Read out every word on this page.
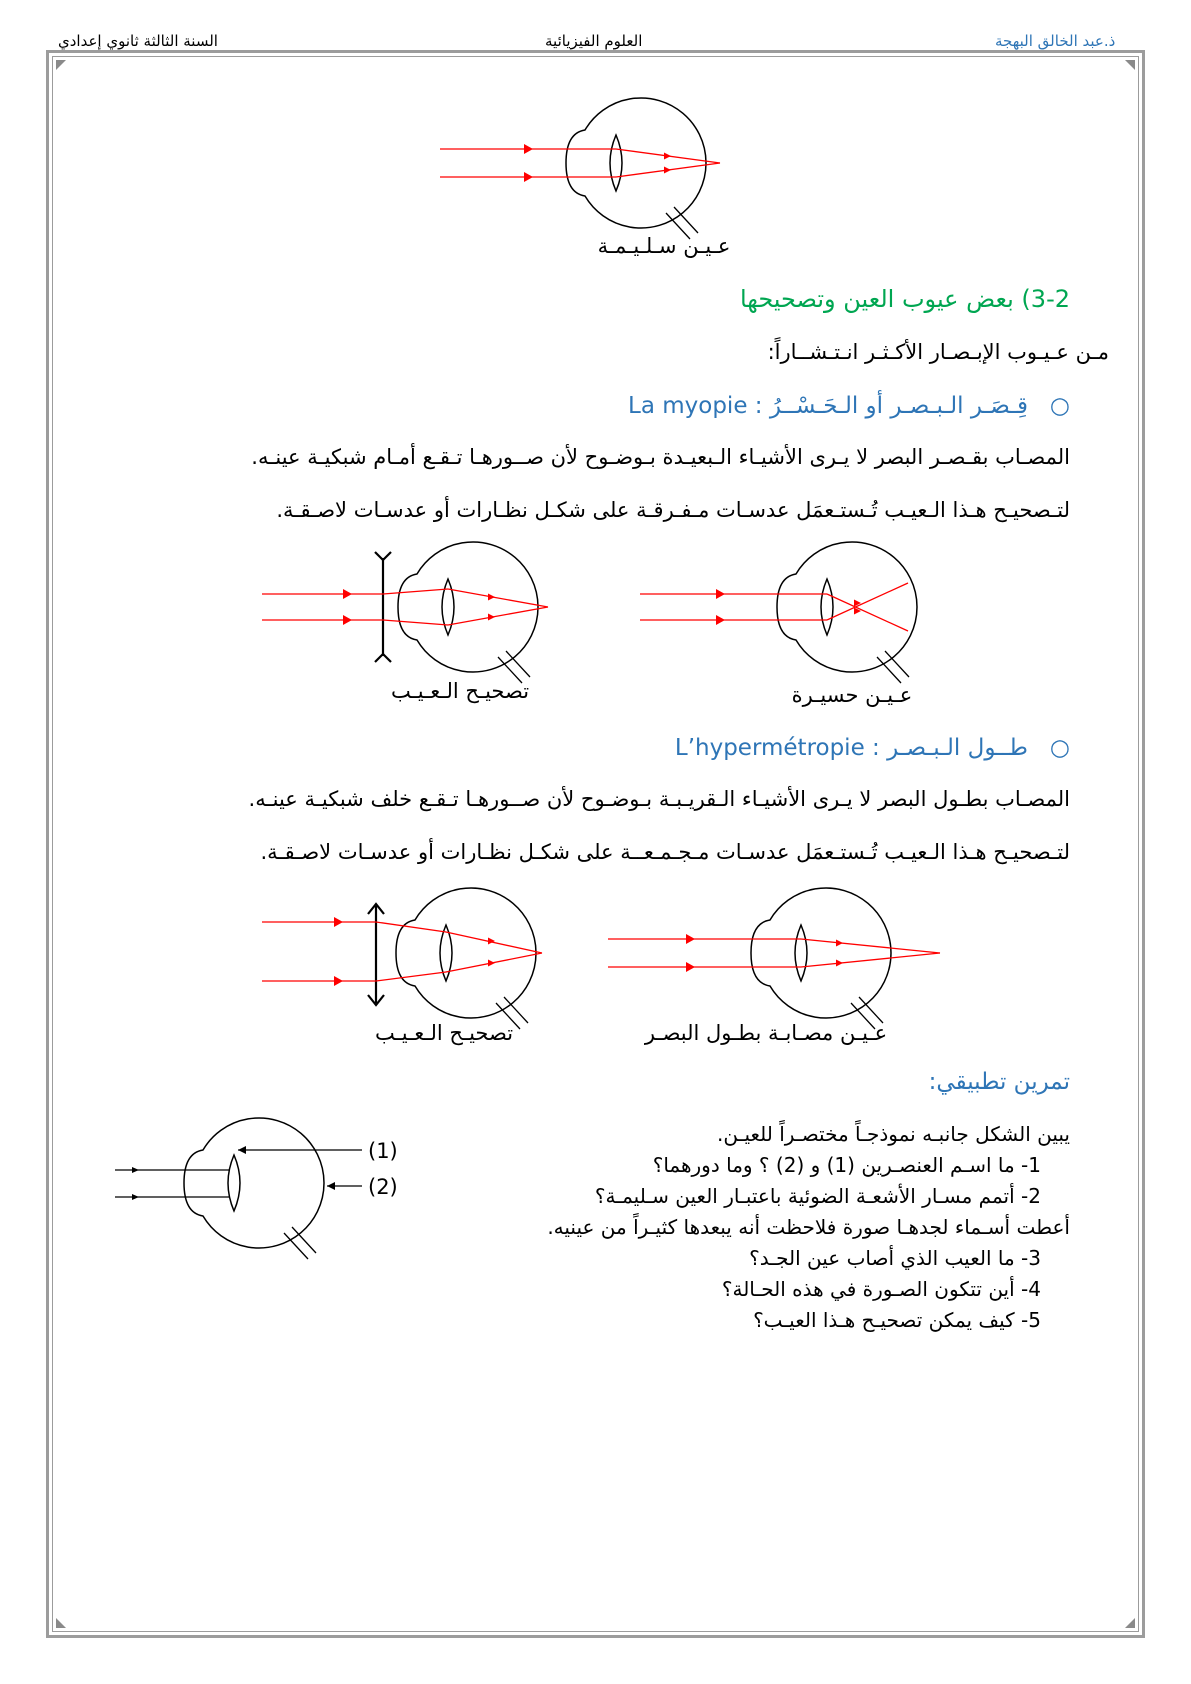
ذ.عبد الخالق البهجة
العلوم الفيزيائية
السنة الثالثة ثانوي إعدادي
عـيـن سـلـيـمـة
تصحيـح الـعـيـب	عـيـن حسيـرة
تصحيـح الـعـيـب	عـيـن مصـابـة بطـول البصـر
(1)
(2)
3-2) بعض عيوب العين وتصحيحها
مـن عـيـوب الإبـصـار الأكـثـر انـتـشــاراً:
○   قِـصَـر الـبـصـر أو الـحَـسْــرُ : La myopie
المصـاب بقـصـر البصر لا يـرى الأشيـاء الـبعيـدة بـوضـوح لأن صــورهـا تـقـع أمـام شبكيـة عينـه.
لتـصحيـح هـذا الـعيـب تُـستـعمَل عدسـات مـفـرقـة على شكـل نظـارات أو عدسـات لاصـقـة.
○   طــول الـبـصـر : L’hypermétropie
المصـاب بطـول البصر لا يـرى الأشيـاء الـقريـبـة بـوضـوح لأن صــورهـا تـقـع خلف شبكيـة عينـه.
لتـصحيـح هـذا الـعيـب تُـستـعمَل عدسـات مـجـمـعــة على شكـل نظـارات أو عدسـات لاصـقـة.
تمرين تطبيقي:
يبين الشكل جانبـه نموذجـاً مختصـراً للعيـن.
1- ما اسـم العنصـرين (1) و (2) ؟ وما دورهما؟
2- أتمم مسـار الأشعـة الضوئية باعتبـار العين سـليمـة؟
أعطت أسـماء لجدهـا صورة فلاحظت أنه يبعدها كثيـراً من عينيه.
3- ما العيب الذي أصاب عين الجـد؟
4- أين تتكون الصـورة في هذه الحـالة؟
5- كيف يمكن تصحيـح هـذا العيـب؟
